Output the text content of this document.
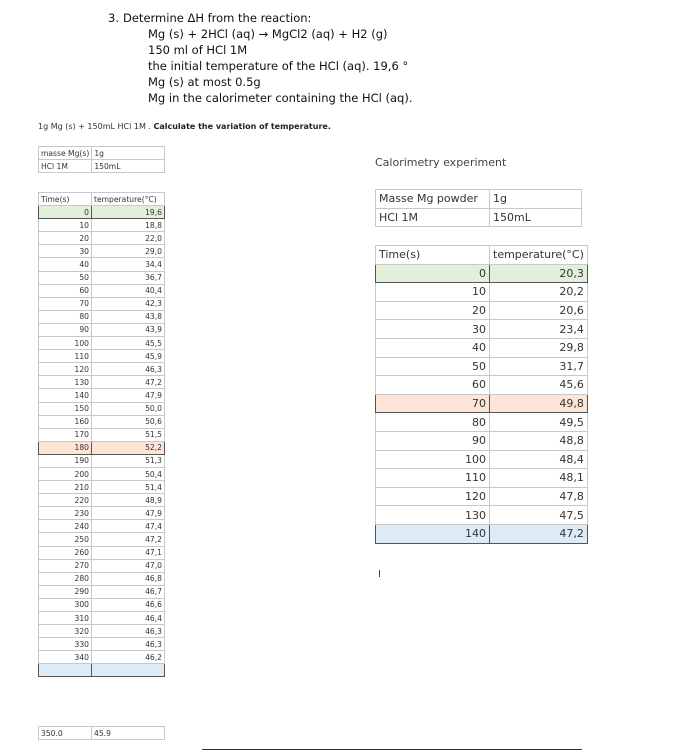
3. Determine ΔH from the reaction:
Mg (s) + 2HCl (aq) → MgCl2 (aq) + H2 (g)
150 ml of HCl 1M
the initial temperature of the HCl (aq). 19,6 °
Mg (s) at most 0.5g
Mg in the calorimeter containing the HCl (aq).
1g Mg (s) + 150mL HCl 1M . Calculate the variation of temperature.
masse Mg(s)	1g
HCl 1M	150mL
Time(s)	temperature(°C)
0	19,6
10	18,8
20	22,0
30	29,0
40	34,4
50	36,7
60	40,4
70	42,3
80	43,8
90	43,9
100	45,5
110	45,9
120	46,3
130	47,2
140	47,9
150	50,0
160	50,6
170	51,5
180	52,2
190	51,3
200	50,4
210	51,4
220	48,9
230	47,9
240	47,4
250	47,2
260	47,1
270	47,0
280	46,8
290	46,7
300	46,6
310	46,4
320	46,3
330	46,3
340	46,2

350.0	45.9
Calorimetry experiment
Masse Mg powder	1g
HCl 1M	150mL
Time(s)	temperature(°C)
0	20,3
10	20,2
20	20,6
30	23,4
40	29,8
50	31,7
60	45,6
70	49,8
80	49,5
90	48,8
100	48,4
110	48,1
120	47,8
130	47,5
140	47,2
